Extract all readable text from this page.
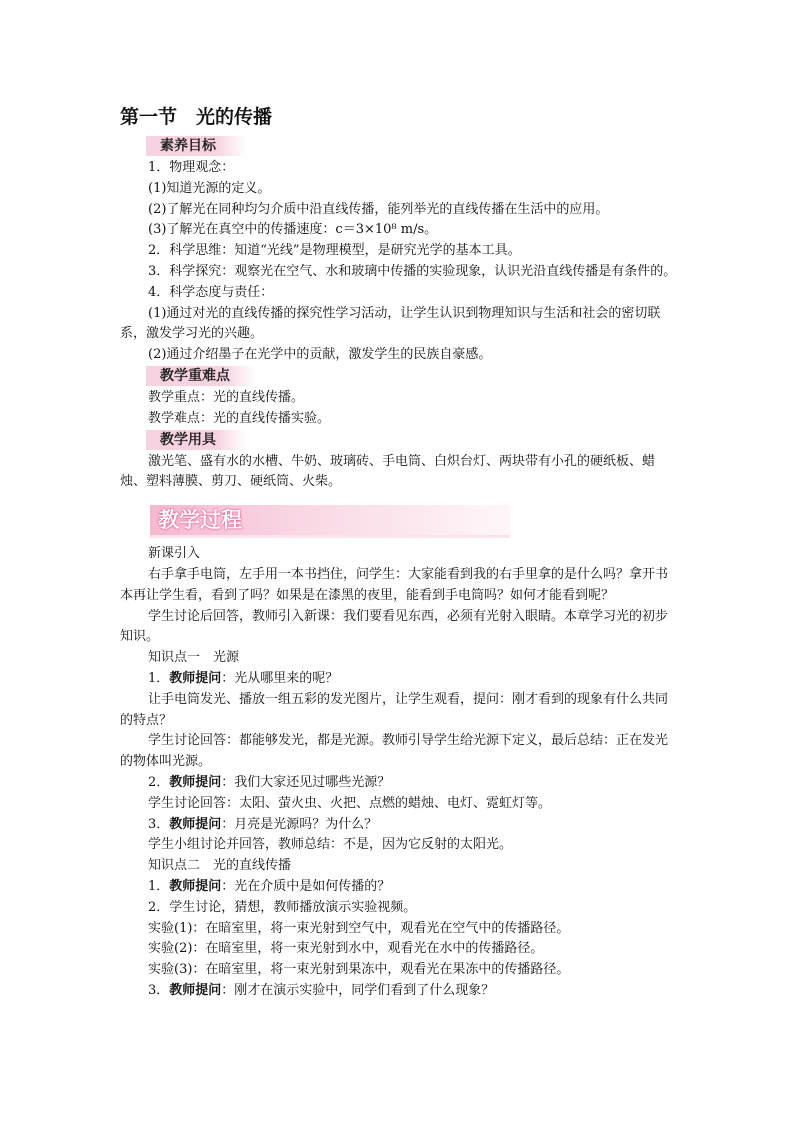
第一节　光的传播
素养目标

1．物理观念：

(1)知道光源的定义。

(2)了解光在同种均匀介质中沿直线传播，能列举光的直线传播在生活中的应用。

(3)了解光在真空中的传播速度：c＝3×10⁸ m/s。

2．科学思维：知道“光线”是物理模型，是研究光学的基本工具。

3．科学探究：观察光在空气、水和玻璃中传播的实验现象，认识光沿直线传播是有条件的。

4．科学态度与责任：

(1)通过对光的直线传播的探究性学习活动，让学生认识到物理知识与生活和社会的密切联系，激发学习光的兴趣。

(2)通过介绍墨子在光学中的贡献，激发学生的民族自豪感。

教学重难点

教学重点：光的直线传播。

教学难点：光的直线传播实验。

教学用具

激光笔、盛有水的水槽、牛奶、玻璃砖、手电筒、白炽台灯、两块带有小孔的硬纸板、蜡烛、塑料薄膜、剪刀、硬纸筒、火柴。

教学过程

新课引入

右手拿手电筒，左手用一本书挡住，问学生：大家能看到我的右手里拿的是什么吗？拿开书本再让学生看，看到了吗？如果是在漆黑的夜里，能看到手电筒吗？如何才能看到呢？

学生讨论后回答，教师引入新课：我们要看见东西，必须有光射入眼睛。本章学习光的初步知识。

知识点一　光源

1．教师提问：光从哪里来的呢？

让手电筒发光、播放一组五彩的发光图片，让学生观看，提问：刚才看到的现象有什么共同的特点？

学生讨论回答：都能够发光，都是光源。教师引导学生给光源下定义，最后总结：正在发光的物体叫光源。

2．教师提问：我们大家还见过哪些光源？

学生讨论回答：太阳、萤火虫、火把、点燃的蜡烛、电灯、霓虹灯等。

3．教师提问：月亮是光源吗？为什么？

学生小组讨论并回答，教师总结：不是，因为它反射的太阳光。

知识点二　光的直线传播

1．教师提问：光在介质中是如何传播的？

2．学生讨论，猜想，教师播放演示实验视频。

实验(1)：在暗室里，将一束光射到空气中，观看光在空气中的传播路径。

实验(2)：在暗室里，将一束光射到水中，观看光在水中的传播路径。

实验(3)：在暗室里，将一束光射到果冻中，观看光在果冻中的传播路径。

3．教师提问：刚才在演示实验中，同学们看到了什么现象？
